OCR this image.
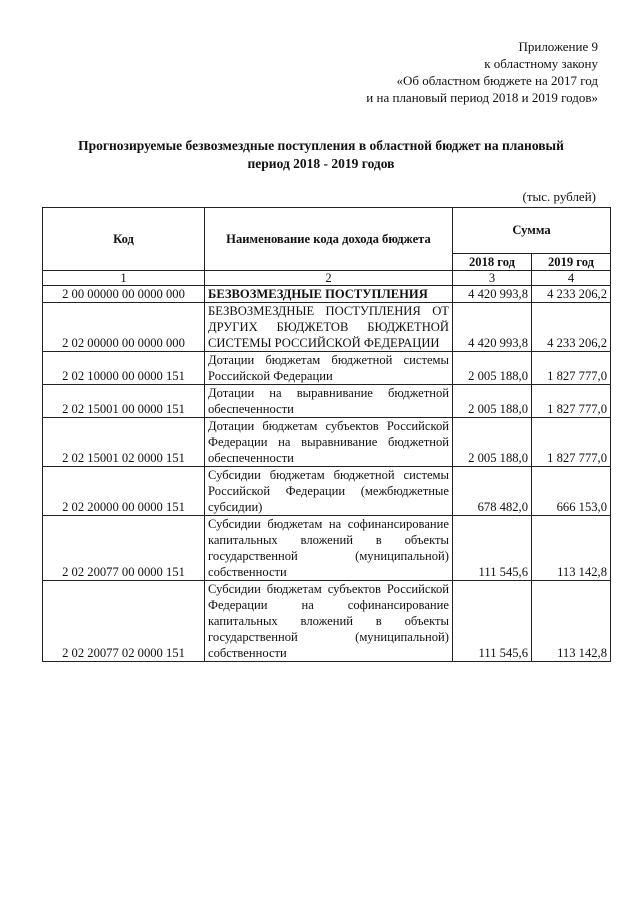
Приложение 9
к областному закону
«Об областном бюджете на 2017 год
и на плановый период 2018 и 2019 годов»
Прогнозируемые безвозмездные поступления в областной бюджет на плановый
период 2018 - 2019 годов
(тыс. рублей)
Код	Наименование кода дохода бюджета	Сумма	
		2018 год	2019 год
1	2	3	4
2 00 00000 00 0000 000	БЕЗВОЗМЕЗДНЫЕ ПОСТУПЛЕНИЯ	4 420 993,8	4 233 206,2
2 02 00000 00 0000 000	БЕЗВОЗМЕЗДНЫЕ ПОСТУПЛЕНИЯ ОТ ДРУГИХ БЮДЖЕТОВ БЮДЖЕТНОЙ СИСТЕМЫ РОССИЙСКОЙ ФЕДЕРАЦИИ	4 420 993,8	4 233 206,2
2 02 10000 00 0000 151	Дотации бюджетам бюджетной системы Российской Федерации	2 005 188,0	1 827 777,0
2 02 15001 00 0000 151	Дотации на выравнивание бюджетной обеспеченности	2 005 188,0	1 827 777,0
2 02 15001 02 0000 151	Дотации бюджетам субъектов Российской Федерации на выравнивание бюджетной обеспеченности	2 005 188,0	1 827 777,0
2 02 20000 00 0000 151	Субсидии бюджетам бюджетной системы Российской Федерации (межбюджетные субсидии)	678 482,0	666 153,0
2 02 20077 00 0000 151	Субсидии бюджетам на софинансирование капитальных вложений в объекты государственной (муниципальной) собственности	111 545,6	113 142,8
2 02 20077 02 0000 151	Субсидии бюджетам субъектов Российской Федерации на софинансирование капитальных вложений в объекты государственной (муниципальной) собственности	111 545,6	113 142,8
